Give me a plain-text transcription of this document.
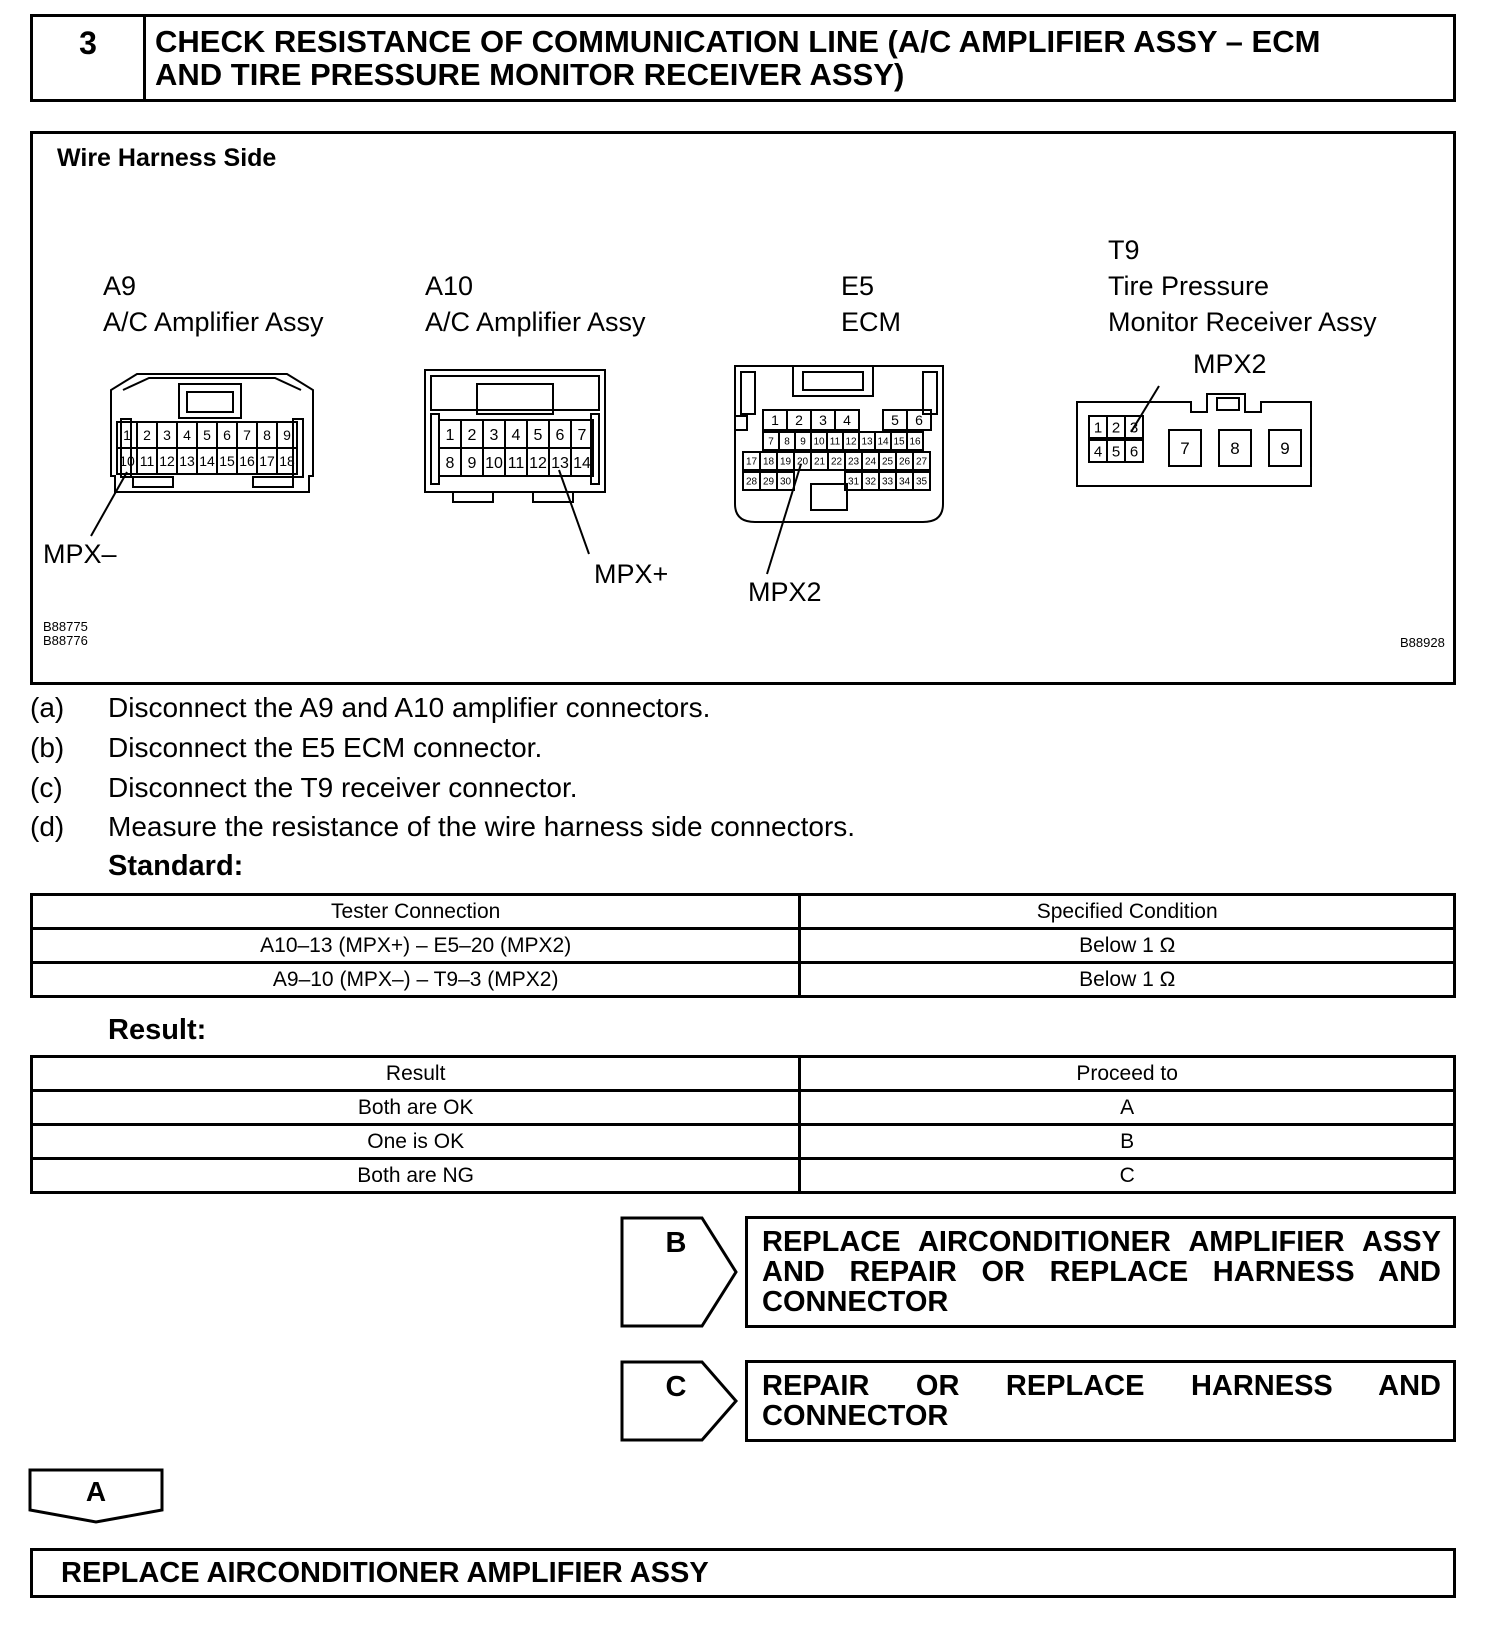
3	CHECK RESISTANCE OF COMMUNICATION LINE (A/C AMPLIFIER ASSY – ECM
AND TIRE PRESSURE MONITOR RECEIVER ASSY)
Wire Harness Side
A9
A/C Amplifier Assy
A10
A/C Amplifier Assy
E5
ECM
T9
Tire Pressure
Monitor Receiver Assy
MPX–
MPX+
MPX2
MPX2
1 2 3 4 5 6 7 8 9
10 11 12 13 14 15 16 17 18
1 2 3 4 5 6 7
8 9 10 11 12 13 14
1 2 3 4	5 6
7 8 9 10 11 12 13 14 15 16
17 18 19 20 21 22 23 24 25 26 27
28 29 30	31 32 33 34 35
1 2 3
4 5 6 7 8 9
B88775
B88776	B88928
(a) Disconnect the A9 and A10 amplifier connectors.
(b) Disconnect the E5 ECM connector.
(c) Disconnect the T9 receiver connector.
(d) Measure the resistance of the wire harness side connectors.
Standard:
Tester Connection	Specified Condition
A10–13 (MPX+) – E5–20 (MPX2)	Below 1 Ω
A9–10 (MPX–) – T9–3 (MPX2)	Below 1 Ω
Result:
Result	Proceed to
Both are OK	A
One is OK	B
Both are NG	C
B	REPLACE AIRCONDITIONER AMPLIFIER ASSY AND REPAIR OR REPLACE HARNESS AND CONNECTOR
C	REPAIR OR REPLACE HARNESS AND CONNECTOR
A
REPLACE AIRCONDITIONER AMPLIFIER ASSY
